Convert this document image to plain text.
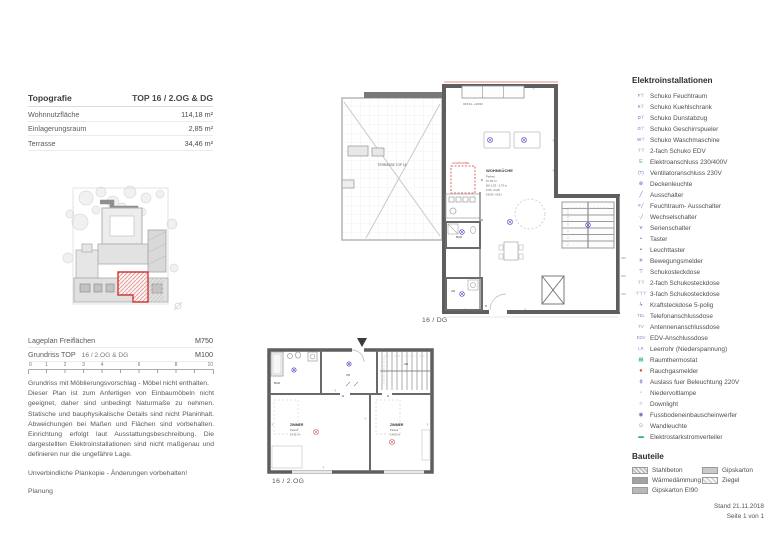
Topografie	TOP 16 / 2.OG & DG
Wohnnutzfläche	114,18 m²
Einlagerungsraum	2,85 m²
Terrasse	34,46 m²
Lageplan Freiflächen	M750
Grundriss TOP 16 / 2.OG & DG	M100
0	1	2	3	4	6	8	10

Grundriss mit Möblierungsvorschlag - Möbel nicht enthalten.

Dieser Plan ist zum Anfertigen von Einbaumöbeln nicht geeignet, daher sind unbedingt Naturmaße zu nehmen. Statische und bauphysikalische Details sind nicht Planinhalt. Abweichungen bei Maßen und Flächen sind vorbehalten. Einrichtung erfolgt laut Ausstattungsbeschreibung. Die dargestellten Elektroinstallationen sind nicht maßgenau und definieren nur die ungefähre Lage.

Unverbindliche Plankopie - Änderungen vorbehalten!

Planung

TERRASSE TOP 16
OFF.KL. +60/20
LICHTKUPPEL
BAD
AR
WOHNKÜCHE
Parkett
57,05 m²
BH 2,53 - 2,70 m
FOK +6,08
KDOK +8,81
250
200
150
⊤
⊤
⊤
⊤
⊤
⊤	⊤
16 / DG
BAD
VR
AR
ZIMMER
Parkett
14,32 m²
ZIMMER
Parkett
14,55 m²
⊤
⊤
⊤
⊤
⊤
16 / 2.OG
Elektroinstallationen
F⊤ Schuko Feuchtraum
K⊤ Schuko Kuehlschrank
D⊤ Schuko Dunstabzug
G⊤ Schuko Geschirrspueler
W⊤ Schuko Waschmaschine
⊤⊤ 2-fach Schuko EDV
E	Elektroanschluss 230/400V
(T) Ventilatoranschluss 230V
⊗	Deckenleuchte
╱	Ausschalter
F╱ Feuchtraum- Ausschalter
·╱	Wechselschalter
⋎	Serienschalter
•	Taster
▪	Leuchttaster
✳	Bewegungsmelder
⊤	Schukosteckdose
⊤⊤ 2-fach Schukosteckdose
⊤⊤⊤ 3-fach Schukosteckdose
ϟ	Kraftsteckdose 5-polig
TEL Telefonanschlussdose
TV Antennenanschlussdose
EDV EDV-Anschlussdose
LR Leerrohr (Niederspannung)
▦ Raumthermostat
●	Rauchgasmelder
ɸ	Auslass fuer Beleuchtung 220V
◦	Niedervoltlampe
○	Downlight
◉	Fussbodeneinbauscheinwerfer
⊙	Wandleuchte
▬ Elektrostarkstromverteiler
Bauteile
Stahlbeton	Gipskarton
Wärmedämmung	Ziegel
Gipskarton EI90
Stand 21.11.2018
Seite 1 von 1
